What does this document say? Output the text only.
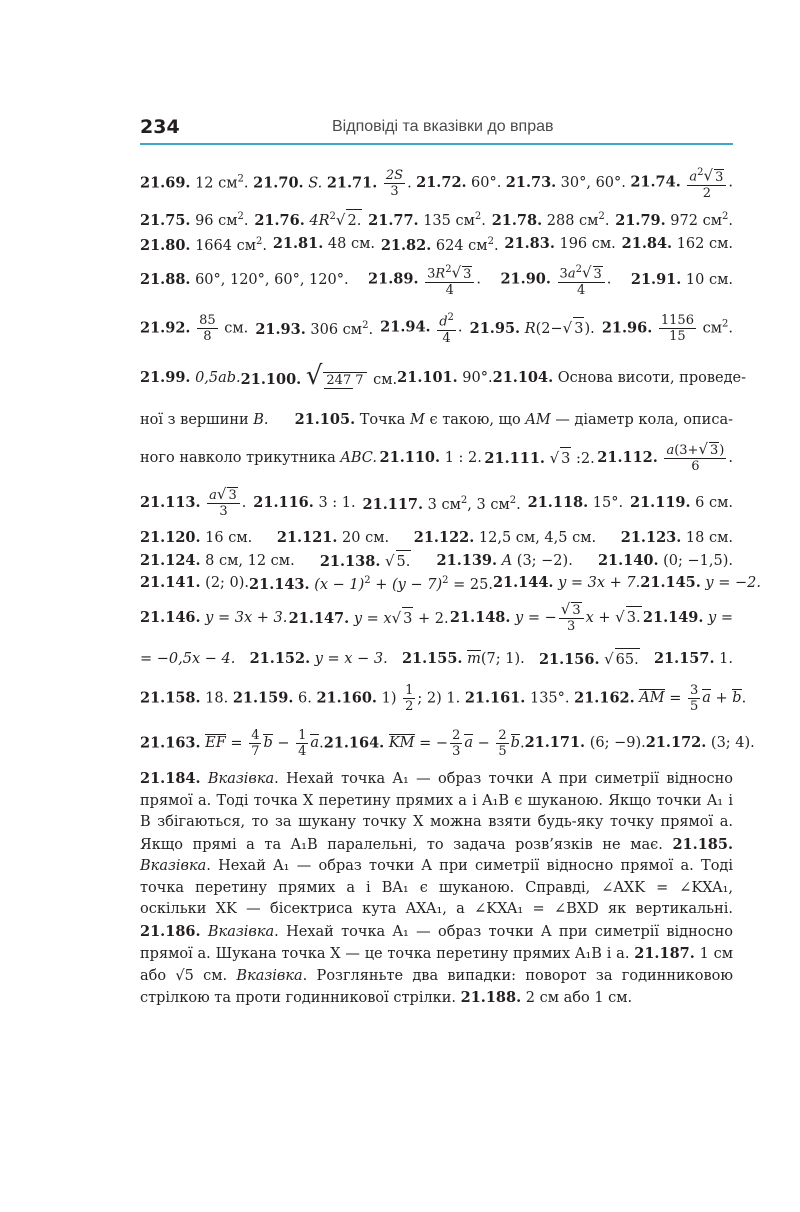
234	Відповіді та вказівки до вправ
21.69. 12 $см^2$. 21.70. S. 21.71. $\frac{2S}{3}$ . 21.72. 60°. 21.73. 30°, 60°. 21.74. $\frac{a^2√ 3}{2}$ .
21.75. 96 $см^2$. 21.76. $4R^2√$ 2. 21.77. 135 $см^2$. 21.78. 288 $см^2$. 21.79. 972 $см^2$.
21.80. 1664 $см^2$. 21.81. 48 см. 21.82. 624 $см^2$. 21.83. 196 см. 21.84. 162 см.
21.88. 60°, 120°, 60°, 120°. 21.89. $\frac{3R^2√ 3}{4}$ . 21.90. $\frac{3a^2√ 3}{4}$ . 21.91. 10 см.
21.92. $\frac{85}{8}$ см. 21.93. 306 $см^2$. 21.94. $\frac{d^2}{4}$ . 21.95. R(2−√ 3). 21.96. $\frac{1156}{15} см^2$.
21.99. 0,5ab. 21.100. √ 247 7 см. 21.101. 90°. 21.104. Основа висоти, проведе-
ної з вершини B. 21.105. Точка M є такою, що AM — діаметр кола, описа-
ного навколо трикутника ABC. 21.110. 1 : 2. 21.111. √ 3 :2. 21.112. $\frac{a(3+√ 3)}{6}$ .
21.113. $\frac{a√ 3}{3}$ . 21.116. 3 : 1. 21.117. 3 $см^2$, 3 $см^2$. 21.118. 15°. 21.119. 6 см.
21.120. 16 см. 21.121. 20 см. 21.122. 12,5 см, 4,5 см. 21.123. 18 см.
21.124. 8 см, 12 см. 21.138. √ 5. 21.139. A (3; −2). 21.140. (0; −1,5).
21.141. (2; 0). 21.143. $(x - 1)^2 + (y - 7)^2 = 25$. 21.144. y = 3x + 7. 21.145. y = −2.
21.146. y = 3x + 3. 21.147. y = x√ 3 + 2. 21.148. y = − $\frac{√ 3}{3}$ x + √ 3. 21.149. y =
= −0,5x − 4. 21.152. y = x − 3. 21.155. m(7; 1). 21.156. √ 65. 21.157. 1.
21.158. 18. 21.159. 6. 21.160. $1) \frac{1}{2}$ ; 2) 1. 21.161. 135°. 21.162. AM = $\frac{3}{5}$ a + b.
21.163. EF = $\frac{4}{7}$ $b - \frac{1}{4} a$. 21.164. KM = − $\frac{2}{3}$ $a - \frac{2}{5} b$. 21.171. (6; −9). 21.172. (3; 4).
21.184. Вказівка. Нехай точка A₁ — образ точки A при симетрії відносно прямої a. Тоді точка X перетину прямих a і A₁B є шуканою. Якщо точки A₁ і B збігаються, то за шукану точку X можна взяти будь-яку точку прямої a. Якщо прямі a та A₁B паралельні, то задача розв’язків не має. 21.185. Вказівка. Нехай A₁ — образ точки A при симетрії відносно прямої a. Тоді точка перетину прямих a і BA₁ є шуканою. Справді, ∠AXK = ∠KXA₁, оскільки XK — бісектриса кута AXA₁, а ∠KXA₁ = ∠BXD як вертикальні. 21.186. Вказівка. Нехай точка A₁ — образ точки A при симетрії відносно прямої a. Шукана точка X — це точка перетину прямих A₁B і a. 21.187. 1 см або √5 см. Вказівка. Розгляньте два випадки: поворот за годинниковою стрілкою та проти годинникової стрілки. 21.188. 2 см або 1 см.
